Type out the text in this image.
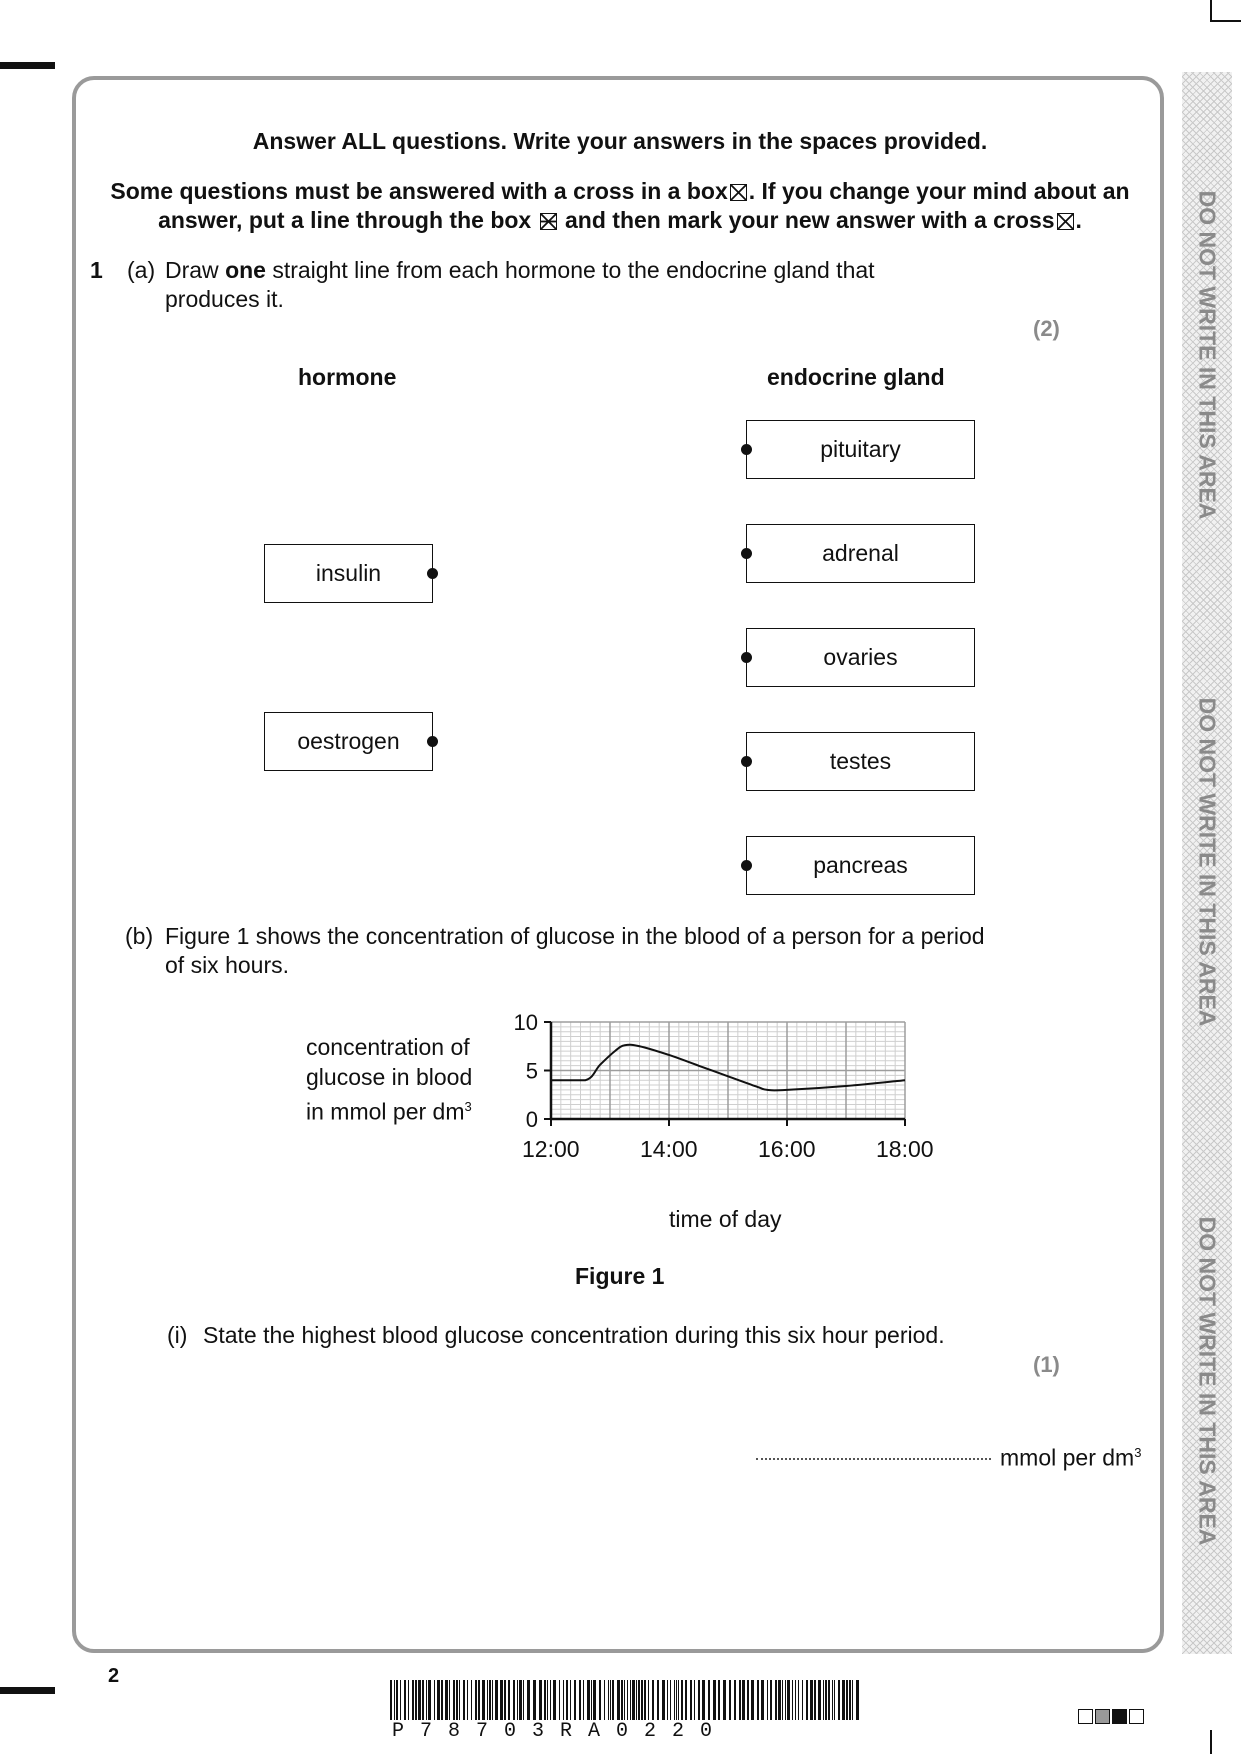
DO NOT WRITE IN THIS AREA
DO NOT WRITE IN THIS AREA
DO NOT WRITE IN THIS AREA
Answer ALL questions. Write your answers in the spaces provided.
Some questions must be answered with a cross in a box ☒ . If you change your mind about an
answer, put a line through the box and then mark your new answer with a cross ☒ .
1 (a) Draw one straight line from each hormone to the endocrine gland that
produces it.
(2)
hormone	endocrine gland
insulin
oestrogen
pituitary
adrenal
ovaries
testes
pancreas
(b) Figure 1 shows the concentration of glucose in the blood of a person for a period
of six hours.
concentration of
glucose in blood
in mmol per $dm^3$
0
5
10
time of day
Figure 1
(i) State the highest blood glucose concentration during this six hour period.
(1)
mmol per $dm^3$
2
P78703RA0220
12:00	14:00	16:00	18:00
